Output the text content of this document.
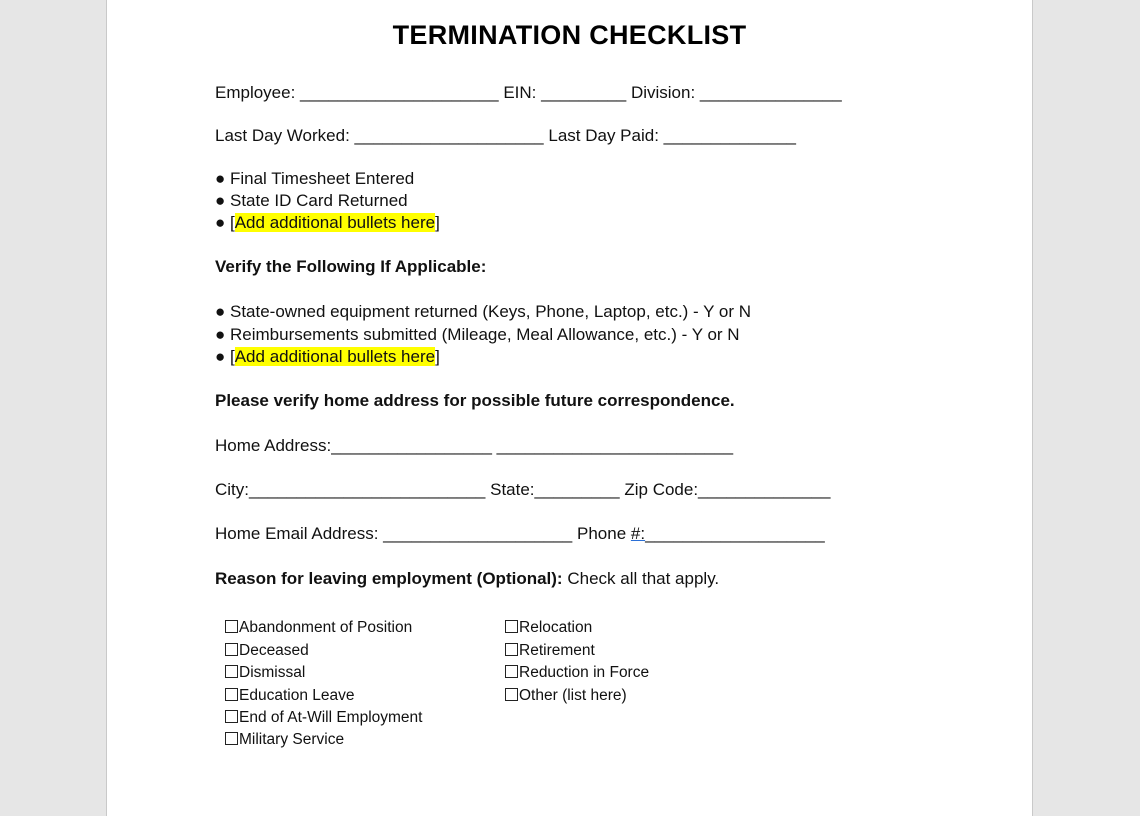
TERMINATION CHECKLIST
Employee: _____________________ EIN: _________ Division: _______________
Last Day Worked: ____________________ Last Day Paid: ______________
● Final Timesheet Entered
● State ID Card Returned
● [Add additional bullets here]
Verify the Following If Applicable:
● State-owned equipment returned (Keys, Phone, Laptop, etc.) - Y or N
● Reimbursements submitted (Mileage, Meal Allowance, etc.) - Y or N
● [Add additional bullets here]
Please verify home address for possible future correspondence.
Home Address:_________________ _________________________
City:_________________________ State:_________ Zip Code:______________
Home Email Address: ____________________ Phone #:___________________
Reason for leaving employment (Optional): Check all that apply.
Abandonment of Position
Deceased
Dismissal
Education Leave
End of At-Will Employment
Military Service
Relocation
Retirement
Reduction in Force
Other (list here)
